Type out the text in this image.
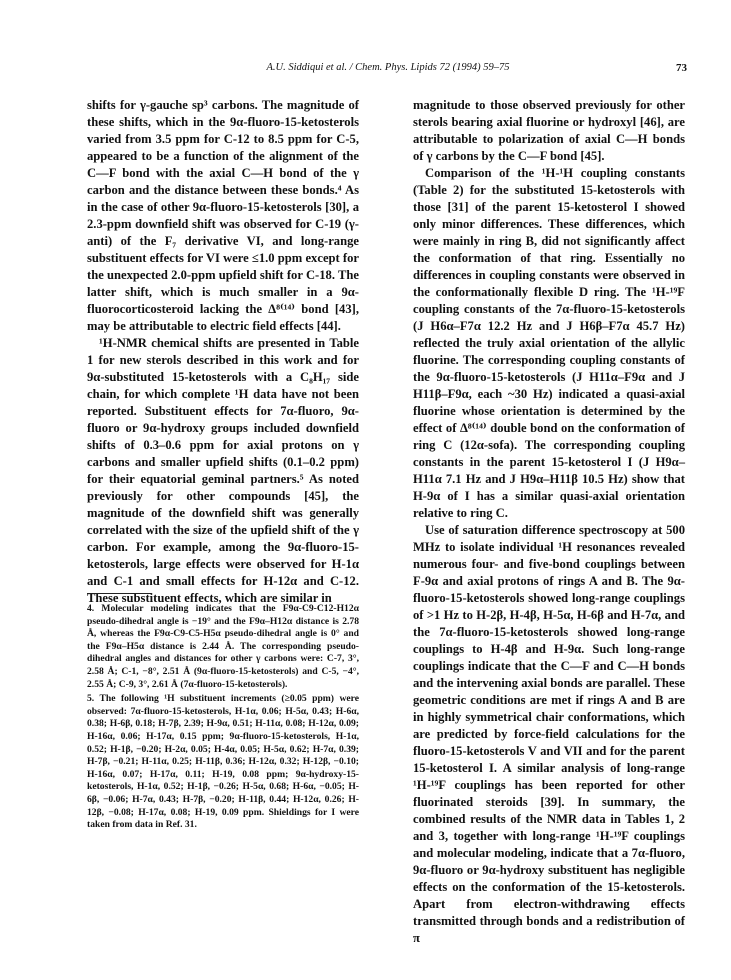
A.U. Siddiqui et al. / Chem. Phys. Lipids 72 (1994) 59–75	73

shifts for γ-gauche sp³ carbons. The magnitude of these shifts, which in the 9α-fluoro-15-ketosterols varied from 3.5 ppm for C-12 to 8.5 ppm for C-5, appeared to be a function of the alignment of the C—F bond with the axial C—H bond of the γ carbon and the distance between these bonds.⁴ As in the case of other 9α-fluoro-15-ketosterols [30], a 2.3-ppm downfield shift was observed for C-19 (γ-anti) of the F₇ derivative VI, and long-range substituent effects for VI were ≤1.0 ppm except for the unexpected 2.0-ppm upfield shift for C-18. The latter shift, which is much smaller in a 9α-fluorocorticosteroid lacking the Δ⁸⁽¹⁴⁾ bond [43], may be attributable to electric field effects [44].

¹H-NMR chemical shifts are presented in Table 1 for new sterols described in this work and for 9α-substituted 15-ketosterols with a C₈H₁₇ side chain, for which complete ¹H data have not been reported. Substituent effects for 7α-fluoro, 9α-fluoro or 9α-hydroxy groups included downfield shifts of 0.3–0.6 ppm for axial protons on γ carbons and smaller upfield shifts (0.1–0.2 ppm) for their equatorial geminal partners.⁵ As noted previously for other compounds [45], the magnitude of the downfield shift was generally correlated with the size of the upfield shift of the γ carbon. For example, among the 9α-fluoro-15-ketosterols, large effects were observed for H-1α and C-1 and small effects for H-12α and C-12. These substituent effects, which are similar in

4. Molecular modeling indicates that the F9α-C9-C12-H12α pseudo-dihedral angle is −19° and the F9α–H12α distance is 2.78 Å, whereas the F9α-C9-C5-H5α pseudo-dihedral angle is 0° and the F9α–H5α distance is 2.44 Å. The corresponding pseudo-dihedral angles and distances for other γ carbons were: C-7, 3°, 2.58 Å; C-1, −8°, 2.51 Å (9α-fluoro-15-ketosterols) and C-5, −4°, 2.55 Å; C-9, 3°, 2.61 Å (7α-fluoro-15-ketosterols).

5. The following ¹H substituent increments (≥0.05 ppm) were observed: 7α-fluoro-15-ketosterols, H-1α, 0.06; H-5α, 0.43; H-6α, 0.38; H-6β, 0.18; H-7β, 2.39; H-9α, 0.51; H-11α, 0.08; H-12α, 0.09; H-16α, 0.06; H-17α, 0.15 ppm; 9α-fluoro-15-ketosterols, H-1α, 0.52; H-1β, −0.20; H-2α, 0.05; H-4α, 0.05; H-5α, 0.62; H-7α, 0.39; H-7β, −0.21; H-11α, 0.25; H-11β, 0.36; H-12α, 0.32; H-12β, −0.10; H-16α, 0.07; H-17α, 0.11; H-19, 0.08 ppm; 9α-hydroxy-15-ketosterols, H-1α, 0.52; H-1β, −0.26; H-5α, 0.68; H-6α, −0.05; H-6β, −0.06; H-7α, 0.43; H-7β, −0.20; H-11β, 0.44; H-12α, 0.26; H-12β, −0.08; H-17α, 0.08; H-19, 0.09 ppm. Shieldings for I were taken from data in Ref. 31.

magnitude to those observed previously for other sterols bearing axial fluorine or hydroxyl [46], are attributable to polarization of axial C—H bonds of γ carbons by the C—F bond [45].

Comparison of the ¹H-¹H coupling constants (Table 2) for the substituted 15-ketosterols with those [31] of the parent 15-ketosterol I showed only minor differences. These differences, which were mainly in ring B, did not significantly affect the conformation of that ring. Essentially no differences in coupling constants were observed in the conformationally flexible D ring. The ¹H-¹⁹F coupling constants of the 7α-fluoro-15-ketosterols (J H6α–F7α 12.2 Hz and J H6β–F7α 45.7 Hz) reflected the truly axial orientation of the allylic fluorine. The corresponding coupling constants of the 9α-fluoro-15-ketosterols (J H11α–F9α and J H11β–F9α, each ~30 Hz) indicated a quasi-axial fluorine whose orientation is determined by the effect of Δ⁸⁽¹⁴⁾ double bond on the conformation of ring C (12α-sofa). The corresponding coupling constants in the parent 15-ketosterol I (J H9α–H11α 7.1 Hz and J H9α–H11β 10.5 Hz) show that H-9α of I has a similar quasi-axial orientation relative to ring C.

Use of saturation difference spectroscopy at 500 MHz to isolate individual ¹H resonances revealed numerous four- and five-bond couplings between F-9α and axial protons of rings A and B. The 9α-fluoro-15-ketosterols showed long-range couplings of >1 Hz to H-2β, H-4β, H-5α, H-6β and H-7α, and the 7α-fluoro-15-ketosterols showed long-range couplings to H-4β and H-9α. Such long-range couplings indicate that the C—F and C—H bonds and the intervening axial bonds are parallel. These geometric conditions are met if rings A and B are in highly symmetrical chair conformations, which are predicted by force-field calculations for the fluoro-15-ketosterols V and VII and for the parent 15-ketosterol I. A similar analysis of long-range ¹H-¹⁹F couplings has been reported for other fluorinated steroids [39]. In summary, the combined results of the NMR data in Tables 1, 2 and 3, together with long-range ¹H-¹⁹F couplings and molecular modeling, indicate that a 7α-fluoro, 9α-fluoro or 9α-hydroxy substituent has negligible effects on the conformation of the 15-ketosterols. Apart from electron-withdrawing effects transmitted through bonds and a redistribution of π
